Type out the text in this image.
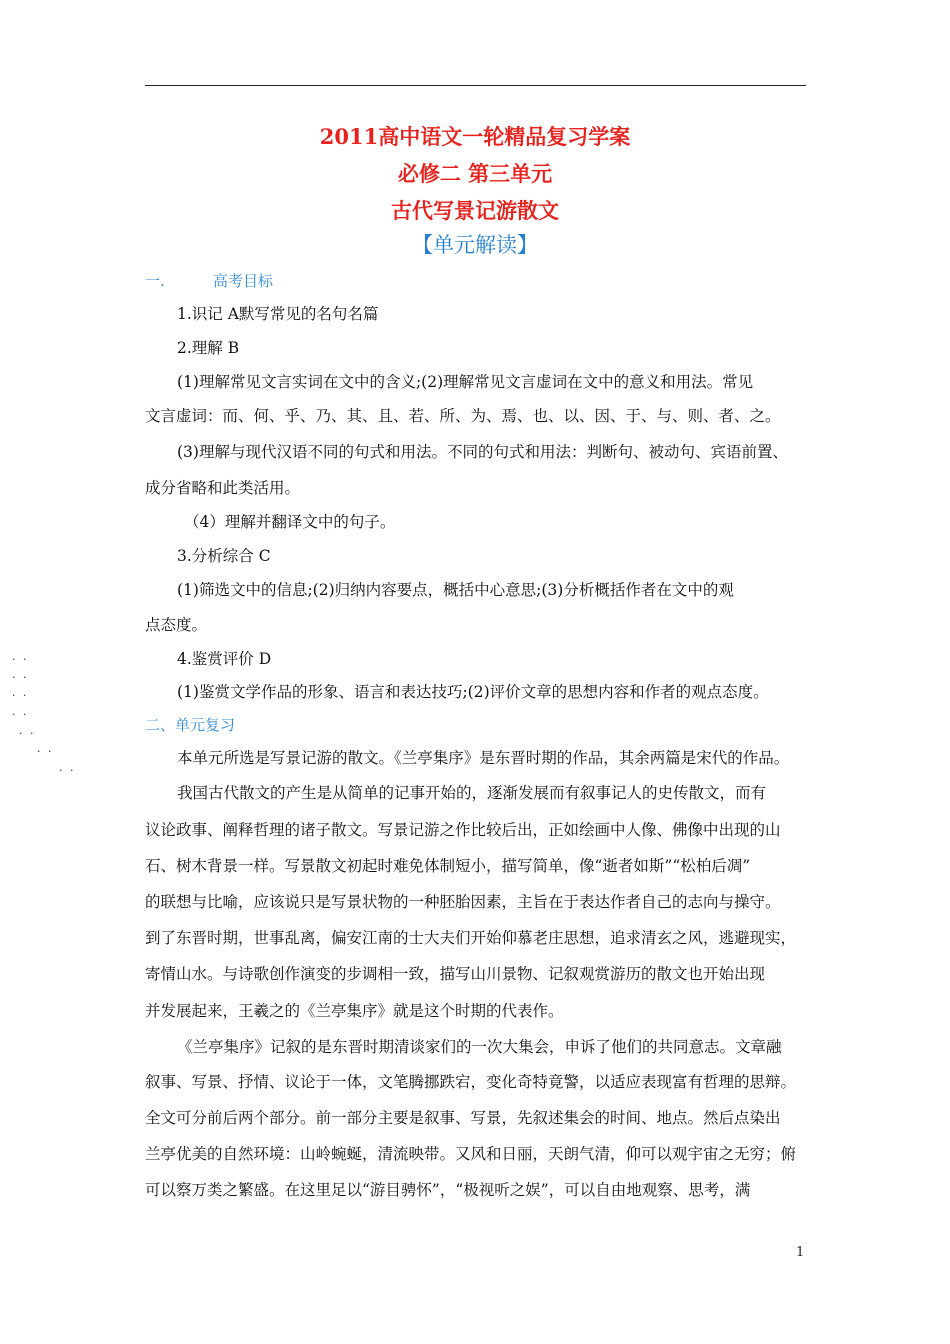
2011高中语文一轮精品复习学案
必修二 第三单元
古代写景记游散文
【单元解读】
一.	高考目标
1.识记 A默写常见的名句名篇
2.理解 B
(1)理解常见文言实词在文中的含义;(2)理解常见文言虚词在文中的意义和用法。常见
文言虚词：而、何、乎、乃、其、且、若、所、为、焉、也、以、因、于、与、则、者、之。
(3)理解与现代汉语不同的句式和用法。不同的句式和用法：判断句、被动句、宾语前置、
成分省略和此类活用。
（4）理解并翻译文中的句子。
3.分析综合 C
(1)筛选文中的信息;(2)归纳内容要点，概括中心意思;(3)分析概括作者在文中的观
点态度。
4.鉴赏评价 D
(1)鉴赏文学作品的形象、语言和表达技巧;(2)评价文章的思想内容和作者的观点态度。
二、单元复习
本单元所选是写景记游的散文。《兰亭集序》是东晋时期的作品，其余两篇是宋代的作品。
我国古代散文的产生是从简单的记事开始的，逐渐发展而有叙事记人的史传散文，而有
议论政事、阐释哲理的诸子散文。写景记游之作比较后出，正如绘画中人像、佛像中出现的山
石、树木背景一样。写景散文初起时难免体制短小，描写简单，像“逝者如斯”“松柏后凋”
的联想与比喻，应该说只是写景状物的一种胚胎因素，主旨在于表达作者自己的志向与操守。
到了东晋时期，世事乱离，偏安江南的士大夫们开始仰慕老庄思想，追求清玄之风，逃避现实，
寄情山水。与诗歌创作演变的步调相一致，描写山川景物、记叙观赏游历的散文也开始出现
并发展起来，王羲之的《兰亭集序》就是这个时期的代表作。
《兰亭集序》记叙的是东晋时期清谈家们的一次大集会，申诉了他们的共同意志。文章融
叙事、写景、抒情、议论于一体，文笔腾挪跌宕，变化奇特竟警，以适应表现富有哲理的思辩。
全文可分前后两个部分。前一部分主要是叙事、写景，先叙述集会的时间、地点。然后点染出
兰亭优美的自然环境：山岭蜿蜒，清流映带。又风和日丽，天朗气清，仰可以观宇宙之无穷；俯
可以察万类之繁盛。在这里足以“游目骋怀”，“极视听之娱”，可以自由地观察、思考，满
· ·
· ·
· ·
· ·
· ·
· ·
· ·
1
